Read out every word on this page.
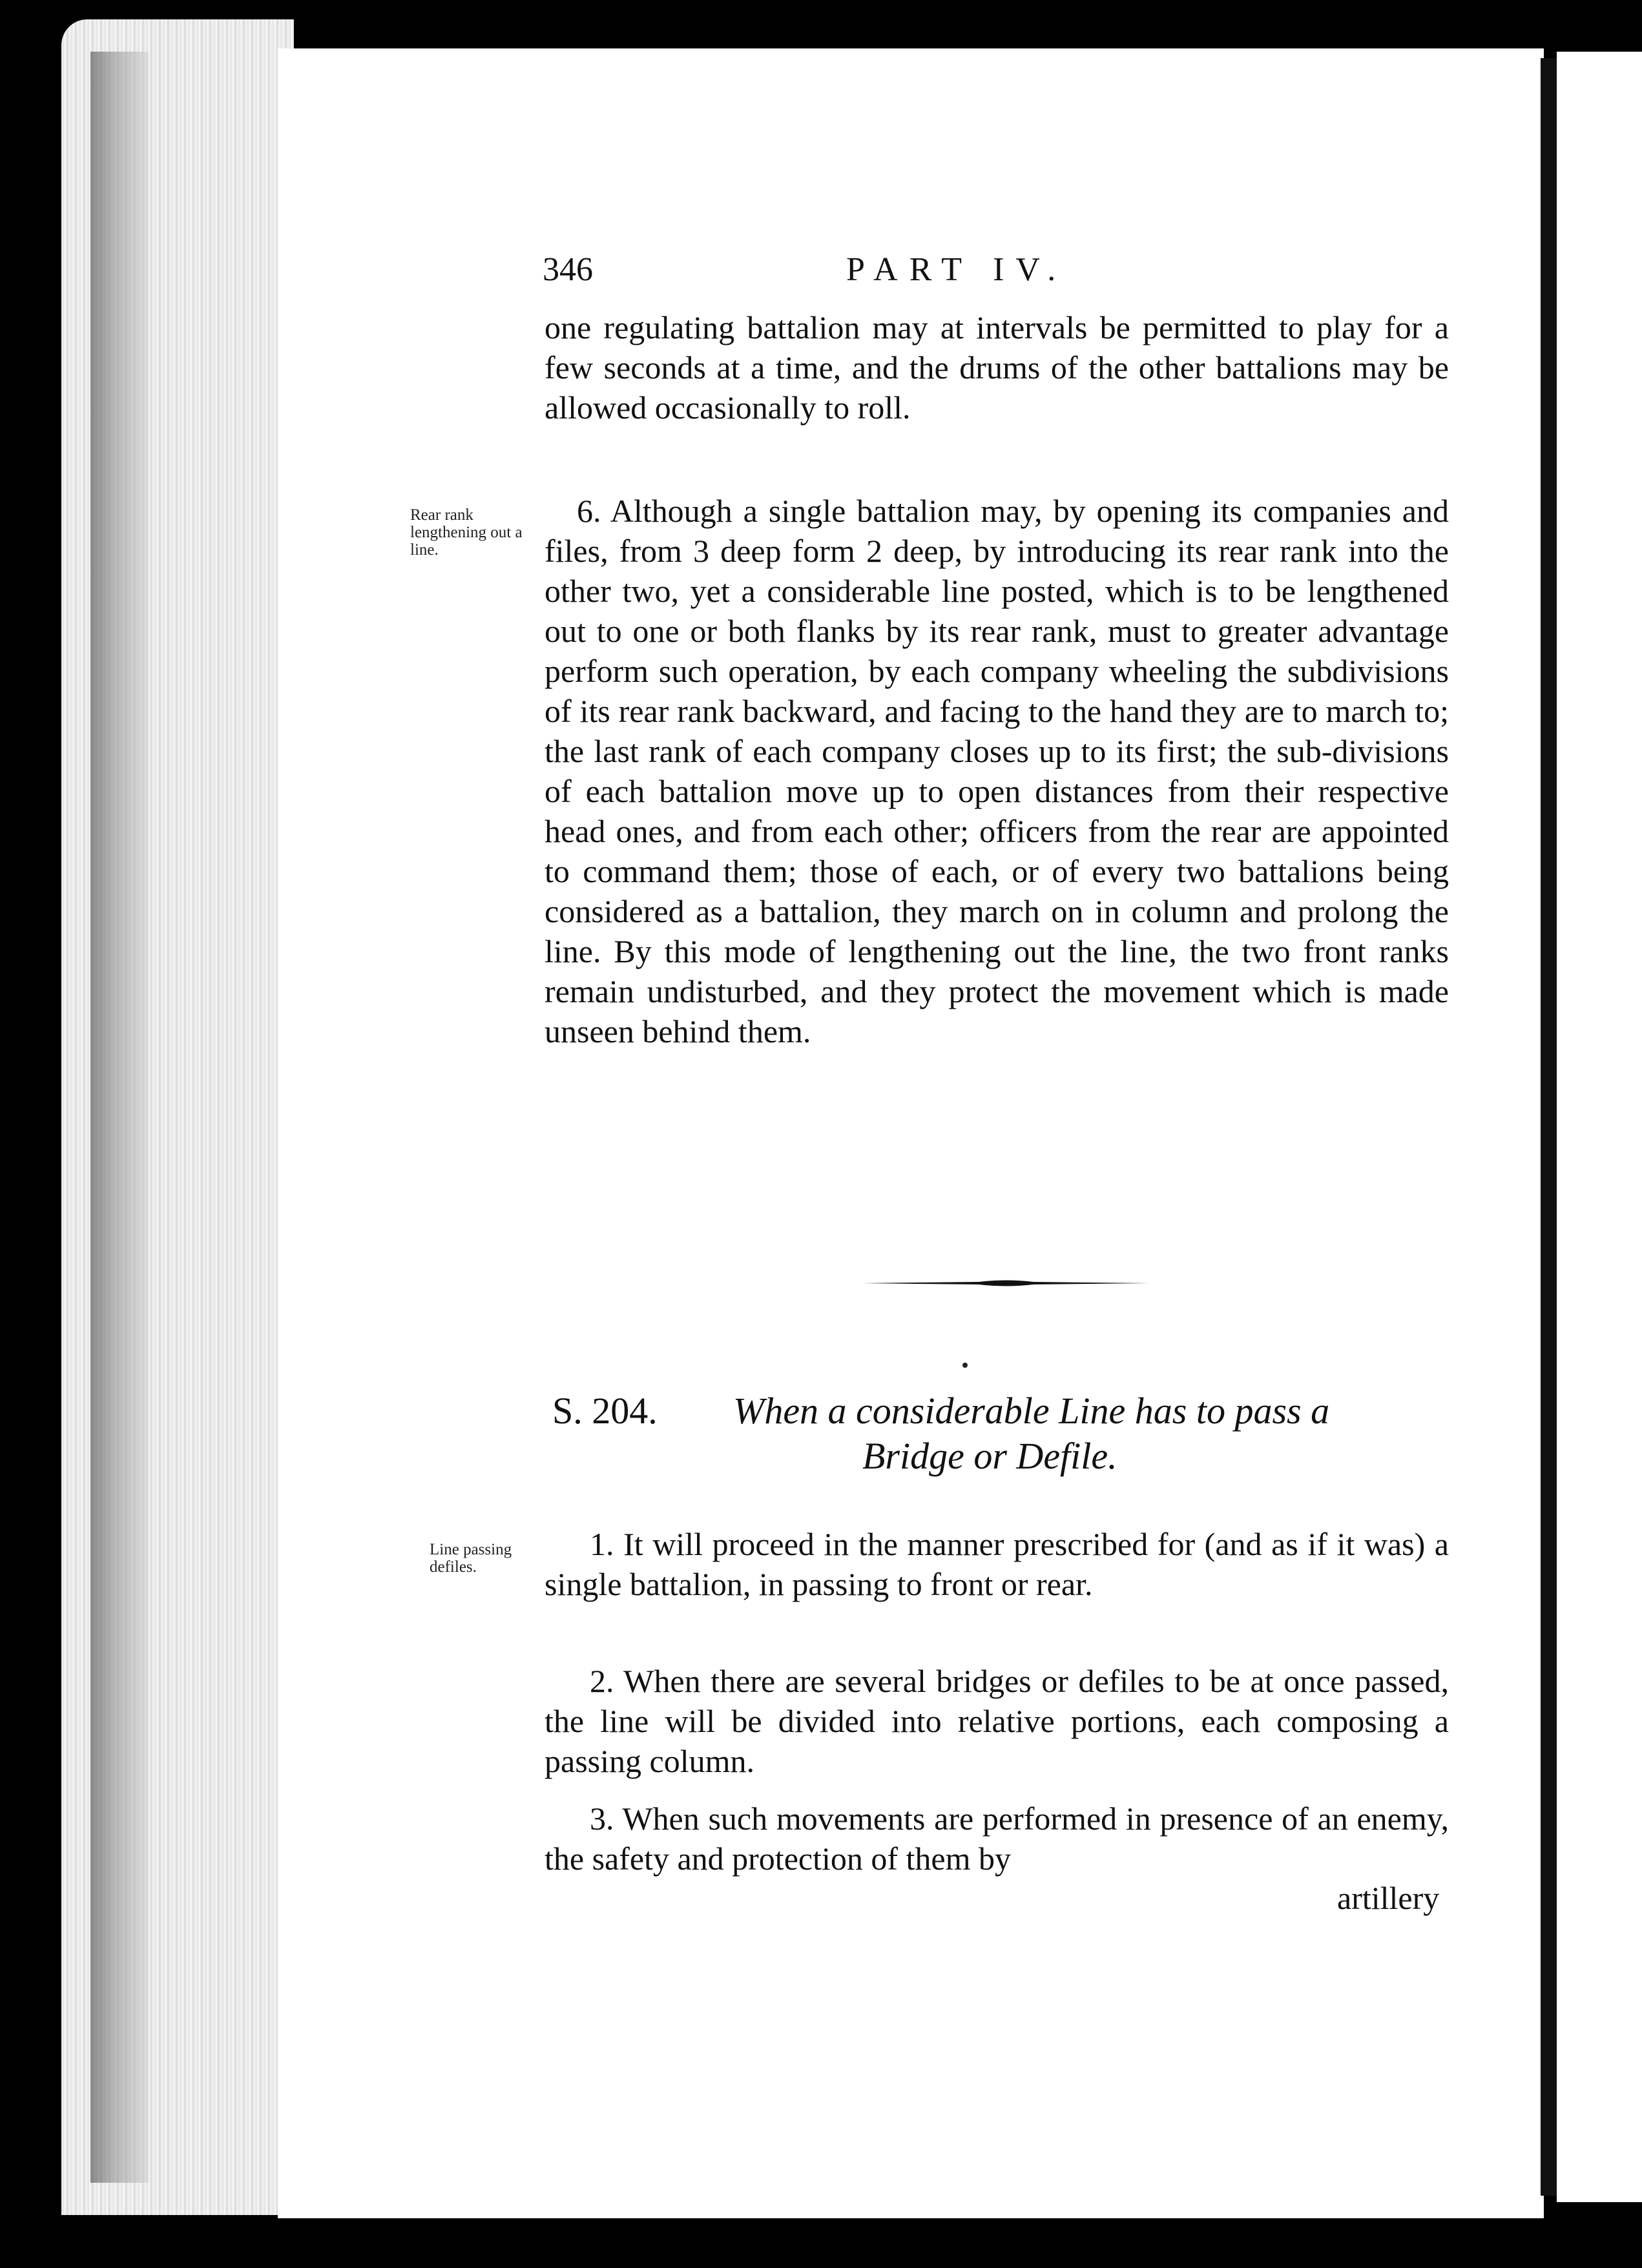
346	PART IV.

one regulating battalion may at intervals be permitted to play for a few seconds at a time, and the drums of the other battalions may be allowed occasionally to roll.

Rear rank lengthening out a line.

6. Although a single battalion may, by opening its companies and files, from 3 deep form 2 deep, by introducing its rear rank into the other two, yet a considerable line posted, which is to be lengthened out to one or both flanks by its rear rank, must to greater advantage perform such operation, by each company wheeling the subdivisions of its rear rank backward, and facing to the hand they are to march to; the last rank of each company closes up to its first; the sub-divisions of each battalion move up to open distances from their respective head ones, and from each other; officers from the rear are appointed to command them; those of each, or of every two battalions being considered as a battalion, they march on in column and prolong the line. By this mode of lengthening out the line, the two front ranks remain undisturbed, and they protect the movement which is made unseen behind them.

S. 204. When a considerable Line has to pass a
Bridge or Defile.
Line passing defiles.

1. It will proceed in the manner prescribed for (and as if it was) a single battalion, in passing to front or rear.

2. When there are several bridges or defiles to be at once passed, the line will be divided into relative portions, each composing a passing column.

3. When such movements are performed in presence of an enemy, the safety and protection of them by

artillery
